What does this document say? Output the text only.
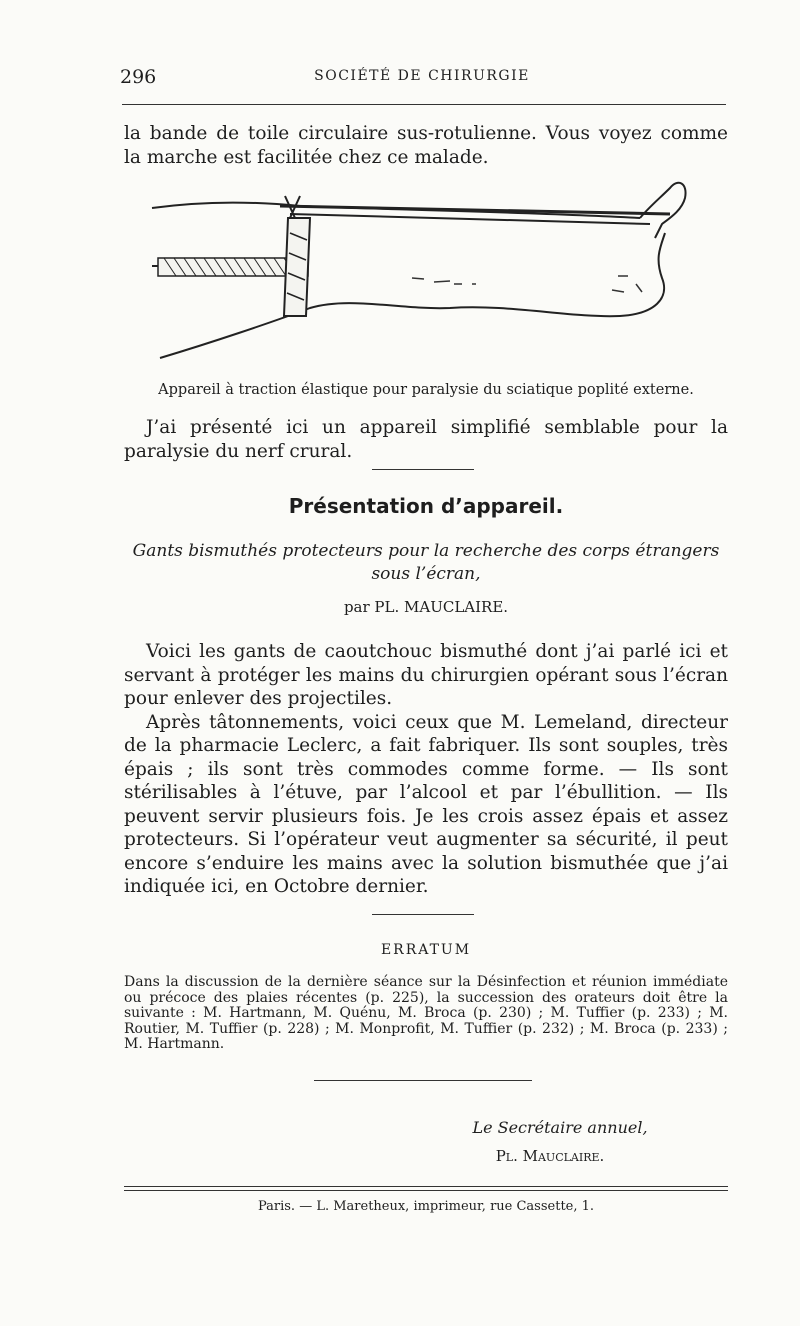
296	SOCIÉTÉ DE CHIRURGIE

la bande de toile circulaire sus-rotulienne. Vous voyez comme

la marche est facilitée chez ce malade.

Appareil à traction élastique pour paralysie du sciatique poplité externe.

J’ai présenté ici un appareil simplifié semblable pour la paralysie du nerf crural.

Présentation d’appareil.
Gants bismuthés protecteurs pour la recherche des corps étrangers sous l’écran,
par PL. MAUCLAIRE.

Voici les gants de caoutchouc bismuthé dont j’ai parlé ici et servant à protéger les mains du chirurgien opérant sous l’écran pour enlever des projectiles.

Après tâtonnements, voici ceux que M. Lemeland, directeur de la pharmacie Leclerc, a fait fabriquer. Ils sont souples, très épais ; ils sont très commodes comme forme. — Ils sont stérilisables à l’étuve, par l’alcool et par l’ébullition. — Ils peuvent servir plusieurs fois. Je les crois assez épais et assez protecteurs. Si l’opérateur veut augmenter sa sécurité, il peut encore s’enduire les mains avec la solution bismuthée que j’ai indiquée ici, en Octobre dernier.

ERRATUM
Dans la discussion de la dernière séance sur la Désinfection et réunion immédiate ou précoce des plaies récentes (p. 225), la succession des orateurs doit être la suivante : M. Hartmann, M. Quénu, M. Broca (p. 230) ; M. Tuffier (p. 233) ; M. Routier, M. Tuffier (p. 228) ; M. Monprofit, M. Tuffier (p. 232) ; M. Broca (p. 233) ; M. Hartmann.
Le Secrétaire annuel,
Pl. Mauclaire.
Paris. — L. Maretheux, imprimeur, rue Cassette, 1.
